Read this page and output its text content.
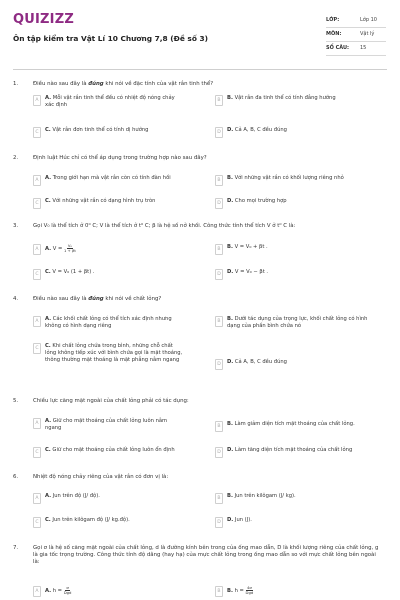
QUIZIZZ
Ôn tập kiểm tra Vật Lí 10 Chương 7,8 (Đề số 3)
LỚP:	Lớp 10
MÔN:	Vật lý
SỐ CÂU:	15
1.	Điều nào sau đây là đúng khi nói về đặc tính của vật rắn tinh thể?
A	A. Mỗi vật rắn tinh thể đều có nhiệt độ nóng chảy xác định
B	B. Vật rắn đa tinh thể có tính đẳng hướng
C	C. Vật rắn đơn tinh thể có tính dị hướng	D	D. Cả A, B, C đều đúng
2.	Định luật Húc chỉ có thể áp dụng trong trường hợp nào sau đây?
A	A. Trong giới hạn mà vật rắn còn có tính đàn hồi	B	B. Với những vật rắn có khối lượng riêng nhỏ
C	C. Với những vật rắn có dạng hình trụ tròn	D	D. Cho mọi trường hợp
3.	Gọi V₀ là thể tích ở 0⁰ C; V là thể tích ở t⁰ C; β là hệ số nở khối. Công thức tính thể tích V ở t⁰ C là:
A	A. $V = \frac{\text{V₀}}{1 + \beta t}$	B	B. V = V₀ + βt .
C	C. V = V₀ (1 + βt) .	D	D. V = V₀ − βt .
4.	Điều nào sau đây là đúng khi nói về chất lỏng?
A	A. Các khối chất lỏng có thể tích xác định nhưng không có hình dạng riêng
B	B. Dưới tác dụng của trọng lực, khối chất lỏng có hình dạng của phần bình chứa nó
C	C. Khi chất lỏng chứa trong bình, những chỗ chất lỏng không tiếp xúc với bình chứa gọi là mặt thoáng, thông thường mặt thoáng là mặt phẳng nằm ngang
D	D. Cả A, B, C đều đúng
5.	Chiều lực căng mặt ngoài của chất lỏng phải có tác dụng:
A	A. Giữ cho mặt thoáng của chất lỏng luôn nằm ngang	B	B. Làm giảm diện tích mặt thoáng của chất lỏng.
C	C. Giữ cho mặt thoáng của chất lỏng luôn ổn định	D	D. Làm tăng diện tích mặt thoáng của chất lỏng
6.	Nhiệt độ nóng chảy riêng của vật rắn có đơn vị là:
A	A. Jun trên độ (J/ độ).	B	B. Jun trên kilôgam (J/ kg).
C	C. Jun trên kilôgam độ (J/ kg.độ).	D	D. Jun (J).
7.	Gọi σ là hệ số căng mặt ngoài của chất lỏng, d là đường kính bên trong của ống mao dẫn, D là khối lượng riêng của chất lỏng, g là gia tốc trọng trường. Công thức tính độ dâng (hay hạ) của mực chất lỏng trong ống mao dẫn so với mực chất lỏng bên ngoài là:
A	A. $h = \frac{\sigma}{\text{Dgd}}$	B	B. $h = \frac{4\sigma}{\text{Dgd}}$
